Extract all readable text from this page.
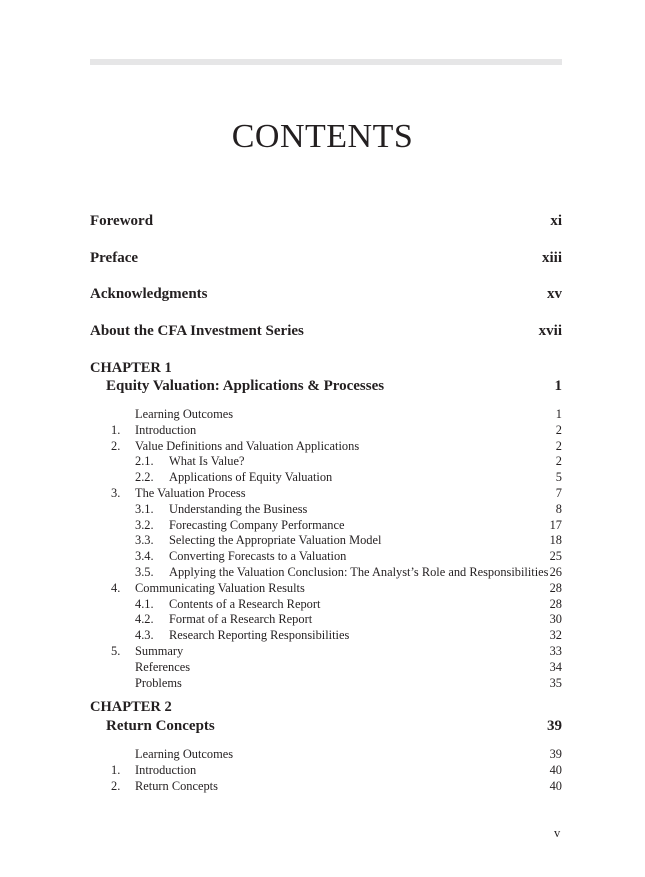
CONTENTS
Foreword	xi
Preface	xiii
Acknowledgments	xv
About the CFA Investment Series	xvii
CHAPTER 1
Equity Valuation: Applications & Processes	1
Learning Outcomes	1
1. Introduction	2
2. Value Definitions and Valuation Applications	2
2.1. What Is Value?	2
2.2. Applications of Equity Valuation	5
3. The Valuation Process	7
3.1. Understanding the Business	8
3.2. Forecasting Company Performance	17
3.3. Selecting the Appropriate Valuation Model	18
3.4. Converting Forecasts to a Valuation	25
3.5. Applying the Valuation Conclusion: The Analyst’s Role and Responsibilities 26
4. Communicating Valuation Results	28
4.1. Contents of a Research Report	28
4.2. Format of a Research Report	30
4.3. Research Reporting Responsibilities	32
5. Summary	33
References	34
Problems	35
CHAPTER 2
Return Concepts	39
Learning Outcomes	39
1. Introduction	40
2. Return Concepts	40
v
